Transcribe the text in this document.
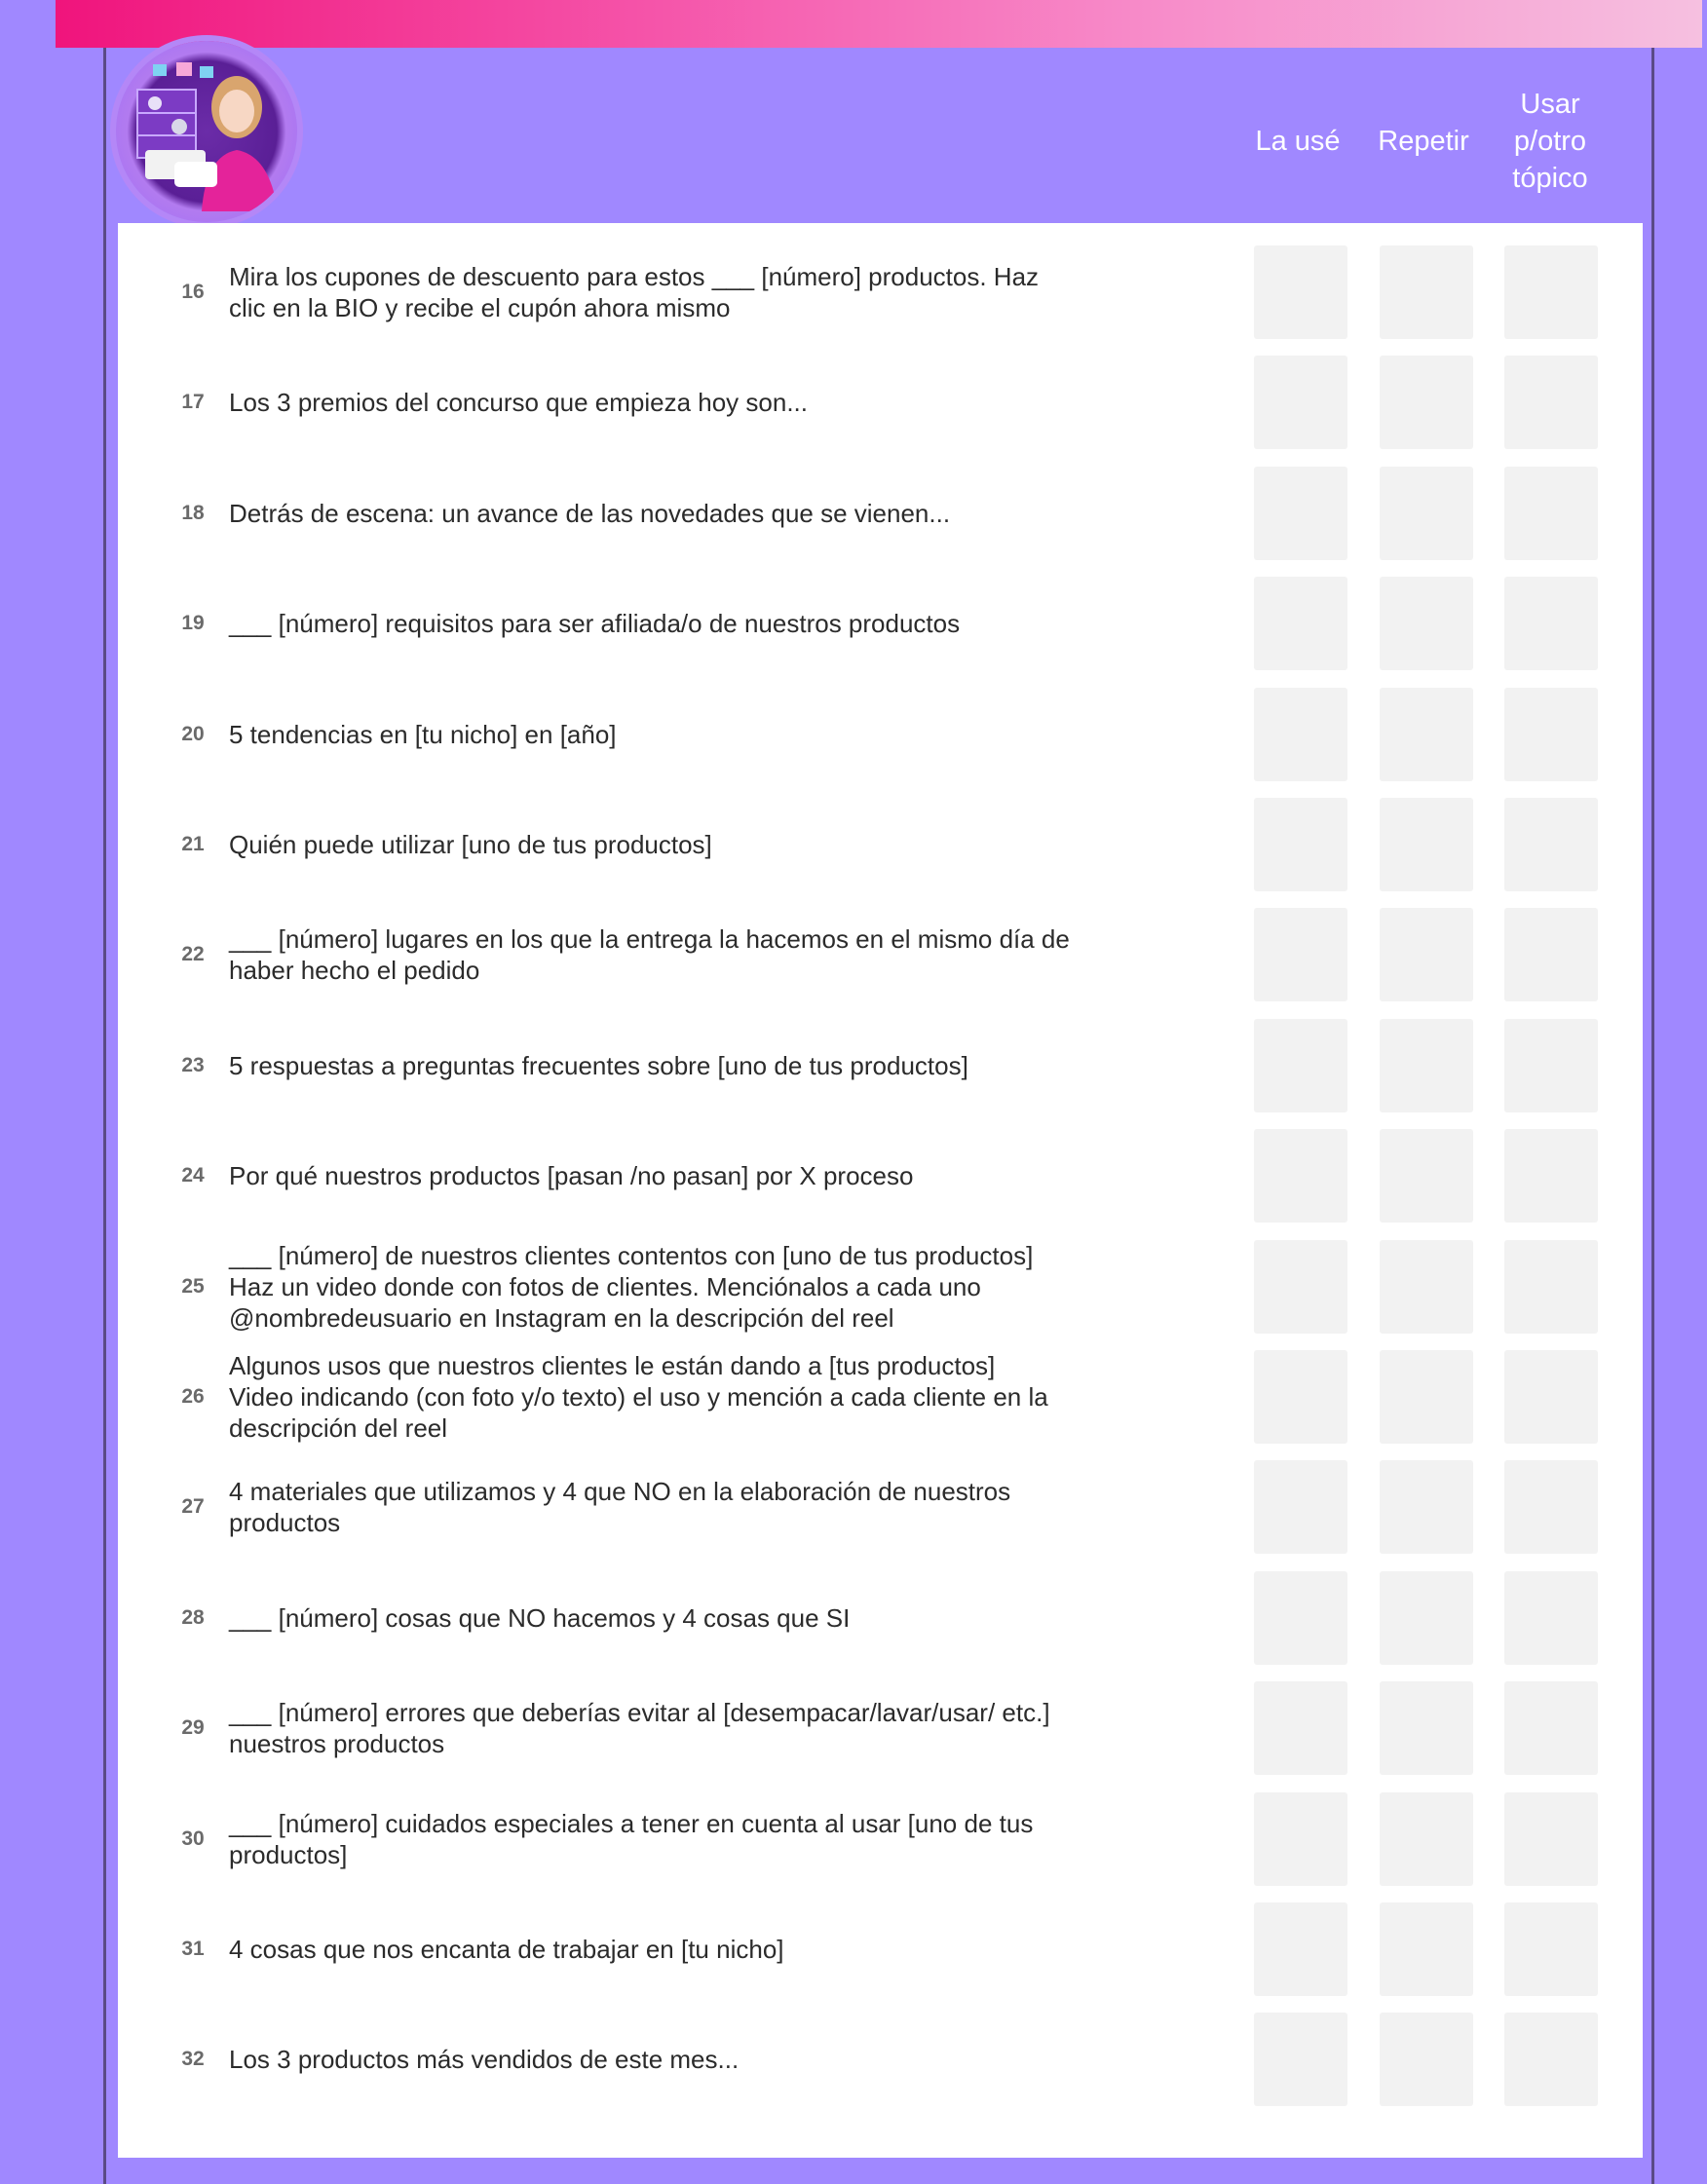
La usé	Repetir
Usar
p/otro
tópico
16
Mira los cupones de descuento para estos ___ [número] productos. Haz
clic en la BIO y recibe el cupón ahora mismo
17 Los 3 premios del concurso que empieza hoy son...
18 Detrás de escena: un avance de las novedades que se vienen...
19 ___ [número] requisitos para ser afiliada/o de nuestros productos
20 5 tendencias en [tu nicho] en [año]
21 Quién puede utilizar [uno de tus productos]
22
___ [número] lugares en los que la entrega la hacemos en el mismo día de
haber hecho el pedido
23 5 respuestas a preguntas frecuentes sobre [uno de tus productos]
24 Por qué nuestros productos [pasan /no pasan] por X proceso
25
___ [número] de nuestros clientes contentos con [uno de tus productos]
Haz un video donde con fotos de clientes. Menciónalos a cada uno
@nombredeusuario en Instagram en la descripción del reel
26
Algunos usos que nuestros clientes le están dando a [tus productos]
Video indicando (con foto y/o texto) el uso y mención a cada cliente en la
descripción del reel
27
4 materiales que utilizamos y 4 que NO en la elaboración de nuestros
productos
28 ___ [número] cosas que NO hacemos y 4 cosas que SI
29
___ [número] errores que deberías evitar al [desempacar/lavar/usar/ etc.]
nuestros productos
30
___ [número] cuidados especiales a tener en cuenta al usar [uno de tus
productos]
31 4 cosas que nos encanta de trabajar en [tu nicho]
32 Los 3 productos más vendidos de este mes...
